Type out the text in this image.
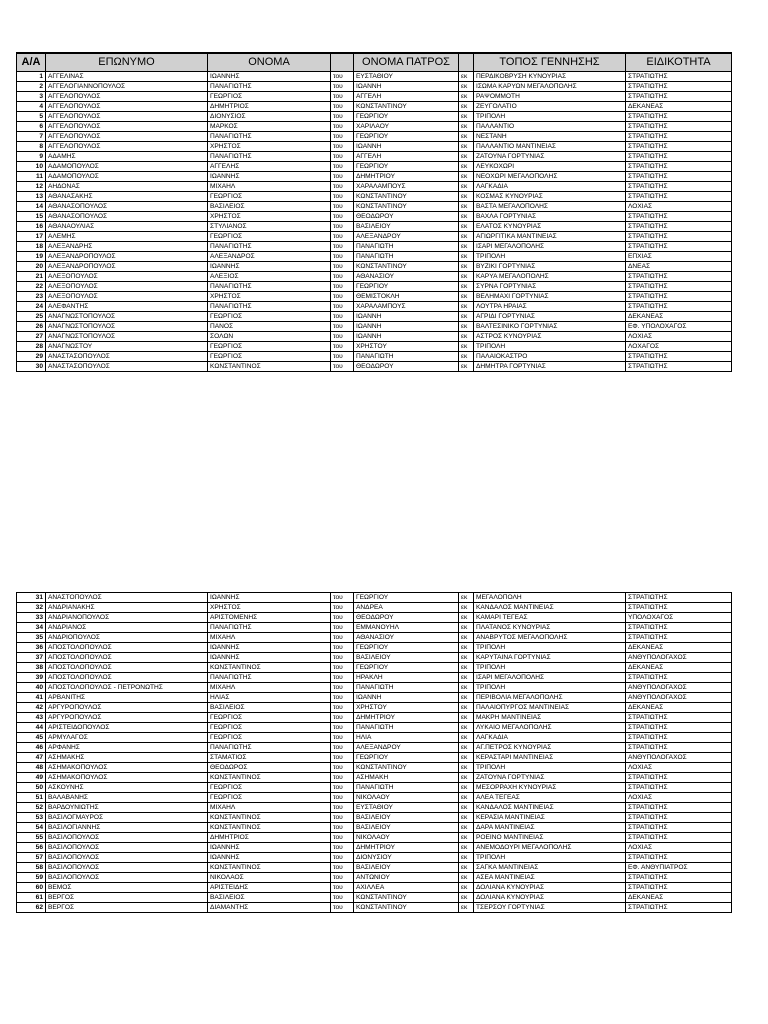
Α/Α	ΕΠΩΝΥΜΟ	ΟΝΟΜΑ		ΟΝΟΜΑ ΠΑΤΡΟΣ		ΤΟΠΟΣ ΓΕΝΝΗΣΗΣ	ΕΙΔΙΚΟΤΗΤΑ
1	ΑΓΓΕΛΙΝΑΣ	ΙΩΑΝΝΗΣ	του	ΕΥΣΤΑΘΙΟΥ	εκ	ΠΕΡΔΙΚΟΒΡΥΣΗ ΚΥΝΟΥΡΙΑΣ	ΣΤΡΑΤΙΩΤΗΣ
2	ΑΓΓΕΛΟΓΙΑΝΝΟΠΟΥΛΟΣ	ΠΑΝΑΓΙΩΤΗΣ	του	ΙΩΑΝΝΗ	εκ	ΙΣΩΜΑ ΚΑΡΥΩΝ ΜΕΓΑΛΟΠΟΛΗΣ	ΣΤΡΑΤΙΩΤΗΣ
3	ΑΓΓΕΛΟΠΟΥΛΟΣ	ΓΕΩΡΓΙΟΣ	του	ΑΓΓΕΛΗ	εκ	ΡΑΨΟΜΜΟΤΗ	ΣΤΡΑΤΙΩΤΗΣ
4	ΑΓΓΕΛΟΠΟΥΛΟΣ	ΔΗΜΗΤΡΙΟΣ	του	ΚΩΝΣΤΑΝΤΙΝΟΥ	εκ	ΖΕΥΓΟΛΑΤΙΟ	ΔΕΚΑΝΕΑΣ
5	ΑΓΓΕΛΟΠΟΥΛΟΣ	ΔΙΟΝΥΣΙΟΣ	του	ΓΕΩΡΓΙΟΥ	εκ	ΤΡΙΠΟΛΗ	ΣΤΡΑΤΙΩΤΗΣ
6	ΑΓΓΕΛΟΠΟΥΛΟΣ	ΜΑΡΚΟΣ	του	ΧΑΡΙΛΑΟΥ	εκ	ΠΑΛΛΑΝΤΙΟ	ΣΤΡΑΤΙΩΤΗΣ
7	ΑΓΓΕΛΟΠΟΥΛΟΣ	ΠΑΝΑΓΙΩΤΗΣ	του	ΓΕΩΡΓΙΟΥ	εκ	ΝΕΣΤΑΝΗ	ΣΤΡΑΤΙΩΤΗΣ
8	ΑΓΓΕΛΟΠΟΥΛΟΣ	ΧΡΗΣΤΟΣ	του	ΙΩΑΝΝΗ	εκ	ΠΑΛΛΑΝΤΙΟ ΜΑΝΤΙΝΕΙΑΣ	ΣΤΡΑΤΙΩΤΗΣ
9	ΑΔΑΜΗΣ	ΠΑΝΑΓΙΩΤΗΣ	του	ΑΓΓΕΛΗ	εκ	ΖΑΤΟΥΝΑ ΓΟΡΤΥΝΙΑΣ	ΣΤΡΑΤΙΩΤΗΣ
10	ΑΔΑΜΟΠΟΥΛΟΣ	ΑΓΓΕΛΗΣ	του	ΓΕΩΡΓΙΟΥ	εκ	ΛΕΥΚΟΧΩΡΙ	ΣΤΡΑΤΙΩΤΗΣ
11	ΑΔΑΜΟΠΟΥΛΟΣ	ΙΩΑΝΝΗΣ	του	ΔΗΜΗΤΡΙΟΥ	εκ	ΝΕΟΧΩΡΙ ΜΕΓΑΛΟΠΟΛΗΣ	ΣΤΡΑΤΙΩΤΗΣ
12	ΑΗΔΟΝΑΣ	ΜΙΧΑΗΛ	του	ΧΑΡΑΛΑΜΠΟΥΣ	εκ	ΛΑΓΚΑΔΙΑ	ΣΤΡΑΤΙΩΤΗΣ
13	ΑΘΑΝΑΣΑΚΗΣ	ΓΕΩΡΓΙΟΣ	του	ΚΩΝΣΤΑΝΤΙΝΟΥ	εκ	ΚΟΣΜΑΣ ΚΥΝΟΥΡΙΑΣ	ΣΤΡΑΤΙΩΤΗΣ
14	ΑΘΑΝΑΣΟΠΟΥΛΟΣ	ΒΑΣΙΛΕΙΟΣ	του	ΚΩΝΣΤΑΝΤΙΝΟΥ	εκ	ΒΑΣΤΑ ΜΕΓΑΛΟΠΟΛΗΣ	ΛΟΧΙΑΣ
15	ΑΘΑΝΑΣΟΠΟΥΛΟΣ	ΧΡΗΣΤΟΣ	του	ΘΕΟΔΩΡΟΥ	εκ	ΒΑΧΛΑ ΓΟΡΤΥΝΙΑΣ	ΣΤΡΑΤΙΩΤΗΣ
16	ΑΘΑΝΑΟΥΛΙΑΣ	ΣΤΥΛΙΑΝΟΣ	του	ΒΑΣΙΛΕΙΟΥ	εκ	ΕΛΑΤΟΣ ΚΥΝΟΥΡΙΑΣ	ΣΤΡΑΤΙΩΤΗΣ
17	ΑΛΕΜΗΣ	ΓΕΩΡΓΙΟΣ	του	ΑΛΕΞΑΝΔΡΟΥ	εκ	ΑΓΙΩΡΓΙΤΙΚΑ ΜΑΝΤΙΝΕΙΑΣ	ΣΤΡΑΤΙΩΤΗΣ
18	ΑΛΕΞΑΝΔΡΗΣ	ΠΑΝΑΓΙΩΤΗΣ	του	ΠΑΝΑΓΙΩΤΗ	εκ	ΙΣΑΡΙ ΜΕΓΑΛΟΠΟΛΗΣ	ΣΤΡΑΤΙΩΤΗΣ
19	ΑΛΕΞΑΝΔΡΟΠΟΥΛΟΣ	ΑΛΕΞΑΝΔΡΟΣ	του	ΠΑΝΑΓΙΩΤΗ	εκ	ΤΡΙΠΟΛΗ	ΕΠΧΙΑΣ
20	ΑΛΕΞΑΝΔΡΟΠΟΥΛΟΣ	ΙΩΑΝΝΗΣ	του	ΚΩΝΣΤΑΝΤΙΝΟΥ	εκ	ΒΥΖΙΚΙ ΓΟΡΤΥΝΙΑΣ	ΔΝΕΑΣ
21	ΑΛΕΞΟΠΟΥΛΟΣ	ΑΛΕΞΙΟΣ	του	ΑΘΑΝΑΣΙΟΥ	εκ	ΚΑΡΥΑ ΜΕΓΑΛΟΠΟΛΗΣ	ΣΤΡΑΤΙΩΤΗΣ
22	ΑΛΕΞΟΠΟΥΛΟΣ	ΠΑΝΑΓΙΩΤΗΣ	του	ΓΕΩΡΓΙΟΥ	εκ	ΣΥΡΝΑ ΓΟΡΤΥΝΙΑΣ	ΣΤΡΑΤΙΩΤΗΣ
23	ΑΛΕΞΟΠΟΥΛΟΣ	ΧΡΗΣΤΟΣ	του	ΘΕΜΙΣΤΟΚΛΗ	εκ	ΒΕΛΗΜΑΧΙ ΓΟΡΤΥΝΙΑΣ	ΣΤΡΑΤΙΩΤΗΣ
24	ΑΛΕΦΑΝΤΗΣ	ΠΑΝΑΓΙΩΤΗΣ	του	ΧΑΡΑΛΑΜΠΟΥΣ	εκ	ΛΟΥΤΡΑ ΗΡΑΙΑΣ	ΣΤΡΑΤΙΩΤΗΣ
25	ΑΝΑΓΝΩΣΤΟΠΟΥΛΟΣ	ΓΕΩΡΓΙΟΣ	του	ΙΩΑΝΝΗ	εκ	ΑΓΡΙΔΙ ΓΟΡΤΥΝΙΑΣ	ΔΕΚΑΝΕΑΣ
26	ΑΝΑΓΝΩΣΤΟΠΟΥΛΟΣ	ΠΑΝΟΣ	του	ΙΩΑΝΝΗ	εκ	ΒΑΛΤΕΣΙΝΙΚΟ ΓΟΡΤΥΝΙΑΣ	ΕΦ. ΥΠΟΛΟΧΑΓΟΣ
27	ΑΝΑΓΝΩΣΤΟΠΟΥΛΟΣ	ΣΟΛΩΝ	του	ΙΩΑΝΝΗ	εκ	ΑΣΤΡΟΣ ΚΥΝΟΥΡΙΑΣ	ΛΟΧΙΑΣ
28	ΑΝΑΓΝΩΣΤΟΥ	ΓΕΩΡΓΙΟΣ	του	ΧΡΗΣΤΟΥ	εκ	ΤΡΙΠΟΛΗ	ΛΟΧΑΓΟΣ
29	ΑΝΑΣΤΑΣΟΠΟΥΛΟΣ	ΓΕΩΡΓΙΟΣ	του	ΠΑΝΑΓΙΩΤΗ	εκ	ΠΑΛΑΙΟΚΑΣΤΡΟ	ΣΤΡΑΤΙΩΤΗΣ
30	ΑΝΑΣΤΑΣΟΠΟΥΛΟΣ	ΚΩΝΣΤΑΝΤΙΝΟΣ	του	ΘΕΟΔΩΡΟΥ	εκ	ΔΗΜΗΤΡΑ ΓΟΡΤΥΝΙΑΣ	ΣΤΡΑΤΙΩΤΗΣ
31	ΑΝΑΣΤΟΠΟΥΛΟΣ	ΙΩΑΝΝΗΣ	του	ΓΕΩΡΓΙΟΥ	εκ	ΜΕΓΑΛΟΠΟΛΗ	ΣΤΡΑΤΙΩΤΗΣ
32	ΑΝΔΡΙΑΝΑΚΗΣ	ΧΡΗΣΤΟΣ	του	ΑΝΔΡΕΑ	εκ	ΚΑΝΔΑΛΟΣ ΜΑΝΤΙΝΕΙΑΣ	ΣΤΡΑΤΙΩΤΗΣ
33	ΑΝΔΡΙΑΝΟΠΟΥΛΟΣ	ΑΡΙΣΤΟΜΕΝΗΣ	του	ΘΕΟΔΩΡΟΥ	εκ	ΚΑΜΑΡΙ ΤΕΓΕΑΣ	ΥΠΟΛΟΧΑΓΟΣ
34	ΑΝΔΡΙΑΝΟΣ	ΠΑΝΑΓΙΩΤΗΣ	του	ΕΜΜΑΝΟΥΗΛ	εκ	ΠΛΑΤΑΝΟΣ ΚΥΝΟΥΡΙΑΣ	ΣΤΡΑΤΙΩΤΗΣ
35	ΑΝΔΡΙΟΠΟΥΛΟΣ	ΜΙΧΑΗΛ	του	ΑΘΑΝΑΣΙΟΥ	εκ	ΑΝΑΒΡΥΤΟΣ ΜΕΓΑΛΟΠΟΛΗΣ	ΣΤΡΑΤΙΩΤΗΣ
36	ΑΠΟΣΤΟΛΟΠΟΥΛΟΣ	ΙΩΑΝΝΗΣ	του	ΓΕΩΡΓΙΟΥ	εκ	ΤΡΙΠΟΛΗ	ΔΕΚΑΝΕΑΣ
37	ΑΠΟΣΤΟΛΟΠΟΥΛΟΣ	ΙΩΑΝΝΗΣ	του	ΒΑΣΙΛΕΙΟΥ	εκ	ΚΑΡΥΤΑΙΝΑ ΓΟΡΤΥΝΙΑΣ	ΑΝΘΥΠΟΛΟΓΑΧΟΣ
38	ΑΠΟΣΤΟΛΟΠΟΥΛΟΣ	ΚΩΝΣΤΑΝΤΙΝΟΣ	του	ΓΕΩΡΓΙΟΥ	εκ	ΤΡΙΠΟΛΗ	ΔΕΚΑΝΕΑΣ
39	ΑΠΟΣΤΟΛΟΠΟΥΛΟΣ	ΠΑΝΑΓΙΩΤΗΣ	του	ΗΡΑΚΛΗ	εκ	ΙΣΑΡΙ ΜΕΓΑΛΟΠΟΛΗΣ	ΣΤΡΑΤΙΩΤΗΣ
40	ΑΠΟΣΤΟΛΟΠΟΥΛΟΣ - ΠΕΤΡΟΝΩΤΗΣ	ΜΙΧΑΗΛ	του	ΠΑΝΑΓΙΩΤΗ	εκ	ΤΡΙΠΟΛΗ	ΑΝΘΥΠΟΛΟΓΑΧΟΣ
41	ΑΡΒΑΝΙΤΗΣ	ΗΛΙΑΣ	του	ΙΩΑΝΝΗ	εκ	ΠΕΡΙΒΟΛΙΑ ΜΕΓΑΛΟΠΟΛΗΣ	ΑΝΘΥΠΟΛΟΓΑΧΟΣ
42	ΑΡΓΥΡΟΠΟΥΛΟΣ	ΒΑΣΙΛΕΙΟΣ	του	ΧΡΗΣΤΟΥ	εκ	ΠΑΛΑΙΟΠΥΡΓΟΣ ΜΑΝΤΙΝΕΙΑΣ	ΔΕΚΑΝΕΑΣ
43	ΑΡΓΥΡΟΠΟΥΛΟΣ	ΓΕΩΡΓΙΟΣ	του	ΔΗΜΗΤΡΙΟΥ	εκ	ΜΑΚΡΗ ΜΑΝΤΙΝΕΙΑΣ	ΣΤΡΑΤΙΩΤΗΣ
44	ΑΡΙΣΤΕΙΔΟΠΟΥΛΟΣ	ΓΕΩΡΓΙΟΣ	του	ΠΑΝΑΓΙΩΤΗ	εκ	ΛΥΚΑΙΟ ΜΕΓΑΛΟΠΟΛΗΣ	ΣΤΡΑΤΙΩΤΗΣ
45	ΑΡΜΥΛΑΓΟΣ	ΓΕΩΡΓΙΟΣ	του	ΗΛΙΑ	εκ	ΛΑΓΚΑΔΙΑ	ΣΤΡΑΤΙΩΤΗΣ
46	ΑΡΦΑΝΗΣ	ΠΑΝΑΓΙΩΤΗΣ	του	ΑΛΕΞΑΝΔΡΟΥ	εκ	ΑΓ.ΠΕΤΡΟΣ ΚΥΝΟΥΡΙΑΣ	ΣΤΡΑΤΙΩΤΗΣ
47	ΑΣΗΜΑΚΗΣ	ΣΤΑΜΑΤΙΟΣ	του	ΓΕΩΡΓΙΟΥ	εκ	ΚΕΡΑΣΤΑΡΙ ΜΑΝΤΙΝΕΙΑΣ	ΑΝΘΥΠΟΛΟΓΑΧΟΣ
48	ΑΣΗΜΑΚΟΠΟΥΛΟΣ	ΘΕΟΔΩΡΟΣ	του	ΚΩΝΣΤΑΝΤΙΝΟΥ	εκ	ΤΡΙΠΟΛΗ	ΛΟΧΙΑΣ
49	ΑΣΗΜΑΚΟΠΟΥΛΟΣ	ΚΩΝΣΤΑΝΤΙΝΟΣ	του	ΑΣΗΜΑΚΗ	εκ	ΖΑΤΟΥΝΑ ΓΟΡΤΥΝΙΑΣ	ΣΤΡΑΤΙΩΤΗΣ
50	ΑΣΚΟΥΝΗΣ	ΓΕΩΡΓΙΟΣ	του	ΠΑΝΑΓΙΩΤΗ	εκ	ΜΕΣΟΡΡΑΧΗ ΚΥΝΟΥΡΙΑΣ	ΣΤΡΑΤΙΩΤΗΣ
51	ΒΑΛΑΒΑΝΗΣ	ΓΕΩΡΓΙΟΣ	του	ΝΙΚΟΛΑΟΥ	εκ	ΑΛΕΑ ΤΕΓΕΑΣ	ΛΟΧΙΑΣ
52	ΒΑΡΔΟΥΝΙΩΤΗΣ	ΜΙΧΑΗΛ	του	ΕΥΣΤΑΘΙΟΥ	εκ	ΚΑΝΔΑΛΟΣ ΜΑΝΤΙΝΕΙΑΣ	ΣΤΡΑΤΙΩΤΗΣ
53	ΒΑΣΙΛΟΓΜΑΥΡΟΣ	ΚΩΝΣΤΑΝΤΙΝΟΣ	του	ΒΑΣΙΛΕΙΟΥ	εκ	ΚΕΡΑΣΙΑ ΜΑΝΤΙΝΕΙΑΣ	ΣΤΡΑΤΙΩΤΗΣ
54	ΒΑΣΙΛΟΓΙΑΝΝΗΣ	ΚΩΝΣΤΑΝΤΙΝΟΣ	του	ΒΑΣΙΛΕΙΟΥ	εκ	ΔΑΡΑ ΜΑΝΤΙΝΕΙΑΣ	ΣΤΡΑΤΙΩΤΗΣ
55	ΒΑΣΙΛΟΠΟΥΛΟΣ	ΔΗΜΗΤΡΙΟΣ	του	ΝΙΚΟΛΑΟΥ	εκ	ΡΟΕΙΝΟ ΜΑΝΤΙΝΕΙΑΣ	ΣΤΡΑΤΙΩΤΗΣ
56	ΒΑΣΙΛΟΠΟΥΛΟΣ	ΙΩΑΝΝΗΣ	του	ΔΗΜΗΤΡΙΟΥ	εκ	ΑΝΕΜΟΔΟΥΡΙ ΜΕΓΑΛΟΠΟΛΗΣ	ΛΟΧΙΑΣ
57	ΒΑΣΙΛΟΠΟΥΛΟΣ	ΙΩΑΝΝΗΣ	του	ΔΙΟΝΥΣΙΟΥ	εκ	ΤΡΙΠΟΛΗ	ΣΤΡΑΤΙΩΤΗΣ
58	ΒΑΣΙΛΟΠΟΥΛΟΣ	ΚΩΝΣΤΑΝΤΙΝΟΣ	του	ΒΑΣΙΛΕΙΟΥ	εκ	ΣΑΓΚΑ ΜΑΝΤΙΝΕΙΑΣ	ΕΦ. ΑΝΘΥΠΙΑΤΡΟΣ
59	ΒΑΣΙΛΟΠΟΥΛΟΣ	ΝΙΚΟΛΑΟΣ	του	ΑΝΤΩΝΙΟΥ	εκ	ΑΣΕΑ ΜΑΝΤΙΝΕΙΑΣ	ΣΤΡΑΤΙΩΤΗΣ
60	ΒΕΜΟΣ	ΑΡΙΣΤΕΙΔΗΣ	του	ΑΧΙΛΛΕΑ	εκ	ΔΟΛΙΑΝΑ ΚΥΝΟΥΡΙΑΣ	ΣΤΡΑΤΙΩΤΗΣ
61	ΒΕΡΓΟΣ	ΒΑΣΙΛΕΙΟΣ	του	ΚΩΝΣΤΑΝΤΙΝΟΥ	εκ	ΔΟΛΙΑΝΑ ΚΥΝΟΥΡΙΑΣ	ΔΕΚΑΝΕΑΣ
62	ΒΕΡΓΟΣ	ΔΙΑΜΑΝΤΗΣ	του	ΚΩΝΣΤΑΝΤΙΝΟΥ	εκ	ΤΣΕΡΣΟΥ ΓΟΡΤΥΝΙΑΣ	ΣΤΡΑΤΙΩΤΗΣ
